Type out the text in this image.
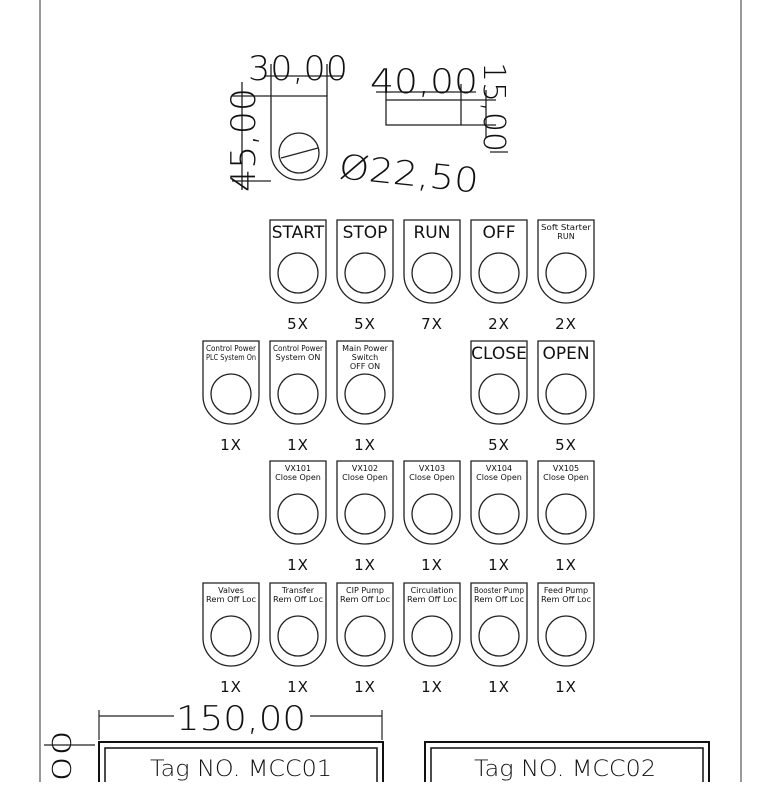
30,00
45,00 Ø22,50
40,00
15,00
START
5X
STOP
5X
RUN
7X
OFF
2X
Soft Starter
RUN
2X
Control Power
PLC System On
1X
Control Power
System ON
1X
Main Power
Switch
OFF ON
1X
CLOSE
5X
OPEN
5X
VX101
Close Open
1X
VX102
Close Open
1X
VX103
Close Open
1X
VX104
Close Open
1X
VX105
Close Open
1X
Valves
Rem Off Loc
1X
Transfer
Rem Off Loc
1X
CIP Pump
Rem Off Loc
1X
Circulation
Rem Off Loc
1X
Booster Pump
Rem Off Loc
1X
Feed Pump
Rem Off Loc
1X
150,00
00
Tag NO. MCC01	Tag NO. MCC02
